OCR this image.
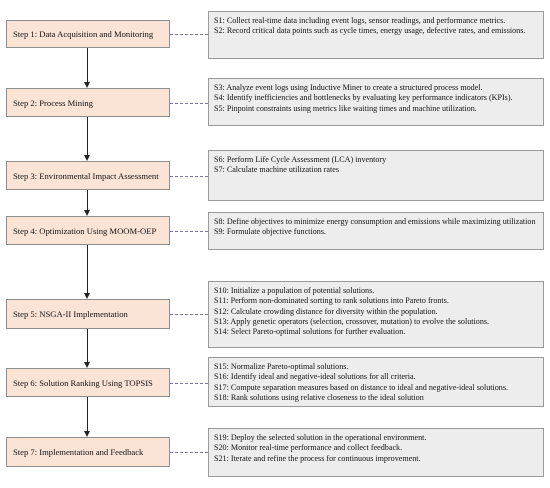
Step 1: Data Acquisition and Monitoring
S1: Collect real-time data including event logs, sensor readings, and performance metrics.
S2: Record critical data points such as cycle times, energy usage, defective rates, and emissions.
Step 2: Process Mining
S3: Analyze event logs using Inductive Miner to create a structured process model.
S4: Identify inefficiencies and bottlenecks by evaluating key performance indicators (KPIs).
S5: Pinpoint constraints using metrics like waiting times and machine utilization.
Step 3: Environmental Impact Assessment
S6: Perform Life Cycle Assessment (LCA) inventory
S7: Calculate machine utilization rates
Step 4: Optimization Using MOOM-OEP
S8: Define objectives to minimize energy consumption and emissions while maximizing utilization
S9: Formulate objective functions.
Step 5: NSGA-II Implementation
S10: Initialize a population of potential solutions.
S11: Perform non-dominated sorting to rank solutions into Pareto fronts.
S12: Calculate crowding distance for diversity within the population.
S13: Apply genetic operators (selection, crossover, mutation) to evolve the solutions.
S14: Select Pareto-optimal solutions for further evaluation.
Step 6: Solution Ranking Using TOPSIS
S15: Normalize Pareto-optimal solutions.
S16: Identify ideal and negative-ideal solutions for all criteria.
S17: Compute separation measures based on distance to ideal and negative-ideal solutions.
S18: Rank solutions using relative closeness to the ideal solution
Step 7: Implementation and Feedback
S19: Deploy the selected solution in the operational environment.
S20: Monitor real-time performance and collect feedback.
S21: Iterate and refine the process for continuous improvement.
